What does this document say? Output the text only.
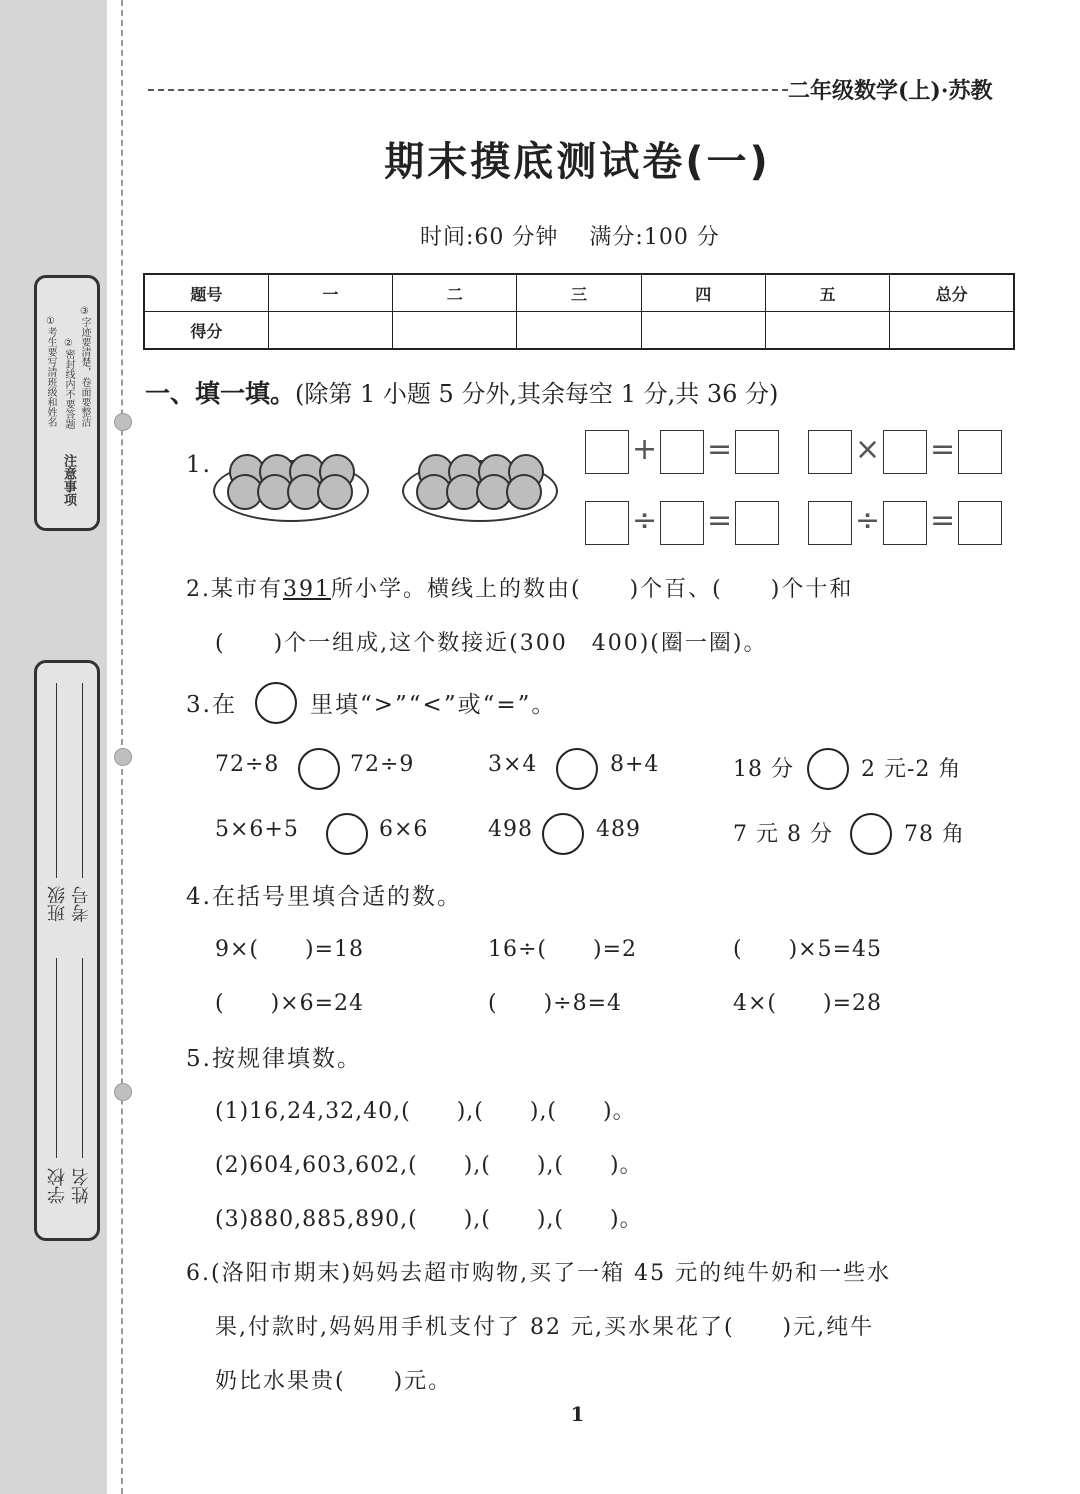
注意事项
①考生要写清班级和姓名 ②密封线内不要答题 ③字迹要清楚，卷面要整洁
班级 考号
学校 姓名
二年级数学(上)·苏教
期末摸底测试卷(一)
时间:60 分钟　 满分:100 分
题号	一	二	三	四	五	总分
得分						
一、填一填。(除第 1 小题 5 分外,其余每空 1 分,共 36 分)
1.	+ =	× =
÷ =	÷ =
2.某市有391所小学。横线上的数由(　　)个百、(　　)个十和
(　　)个一组成,这个数接近(300　400)(圈一圈)。
3.在	里填“>”“<”或“=”。
72÷8	72÷9	3×4	8+4	18 分	2 元-2 角
5×6+5	6×6	498	489	7 元 8 分	78 角
4.在括号里填合适的数。
9×(　　)=18	16÷(　　)=2	(　　)×5=45
(　　)×6=24	(　　)÷8=4	4×(　　)=28
5.按规律填数。
(1)16,24,32,40,(　　),(　　),(　　)。
(2)604,603,602,(　　),(　　),(　　)。
(3)880,885,890,(　　),(　　),(　　)。
6.(洛阳市期末)妈妈去超市购物,买了一箱 45 元的纯牛奶和一些水
果,付款时,妈妈用手机支付了 82 元,买水果花了(　　)元,纯牛
奶比水果贵(　　)元。
1
